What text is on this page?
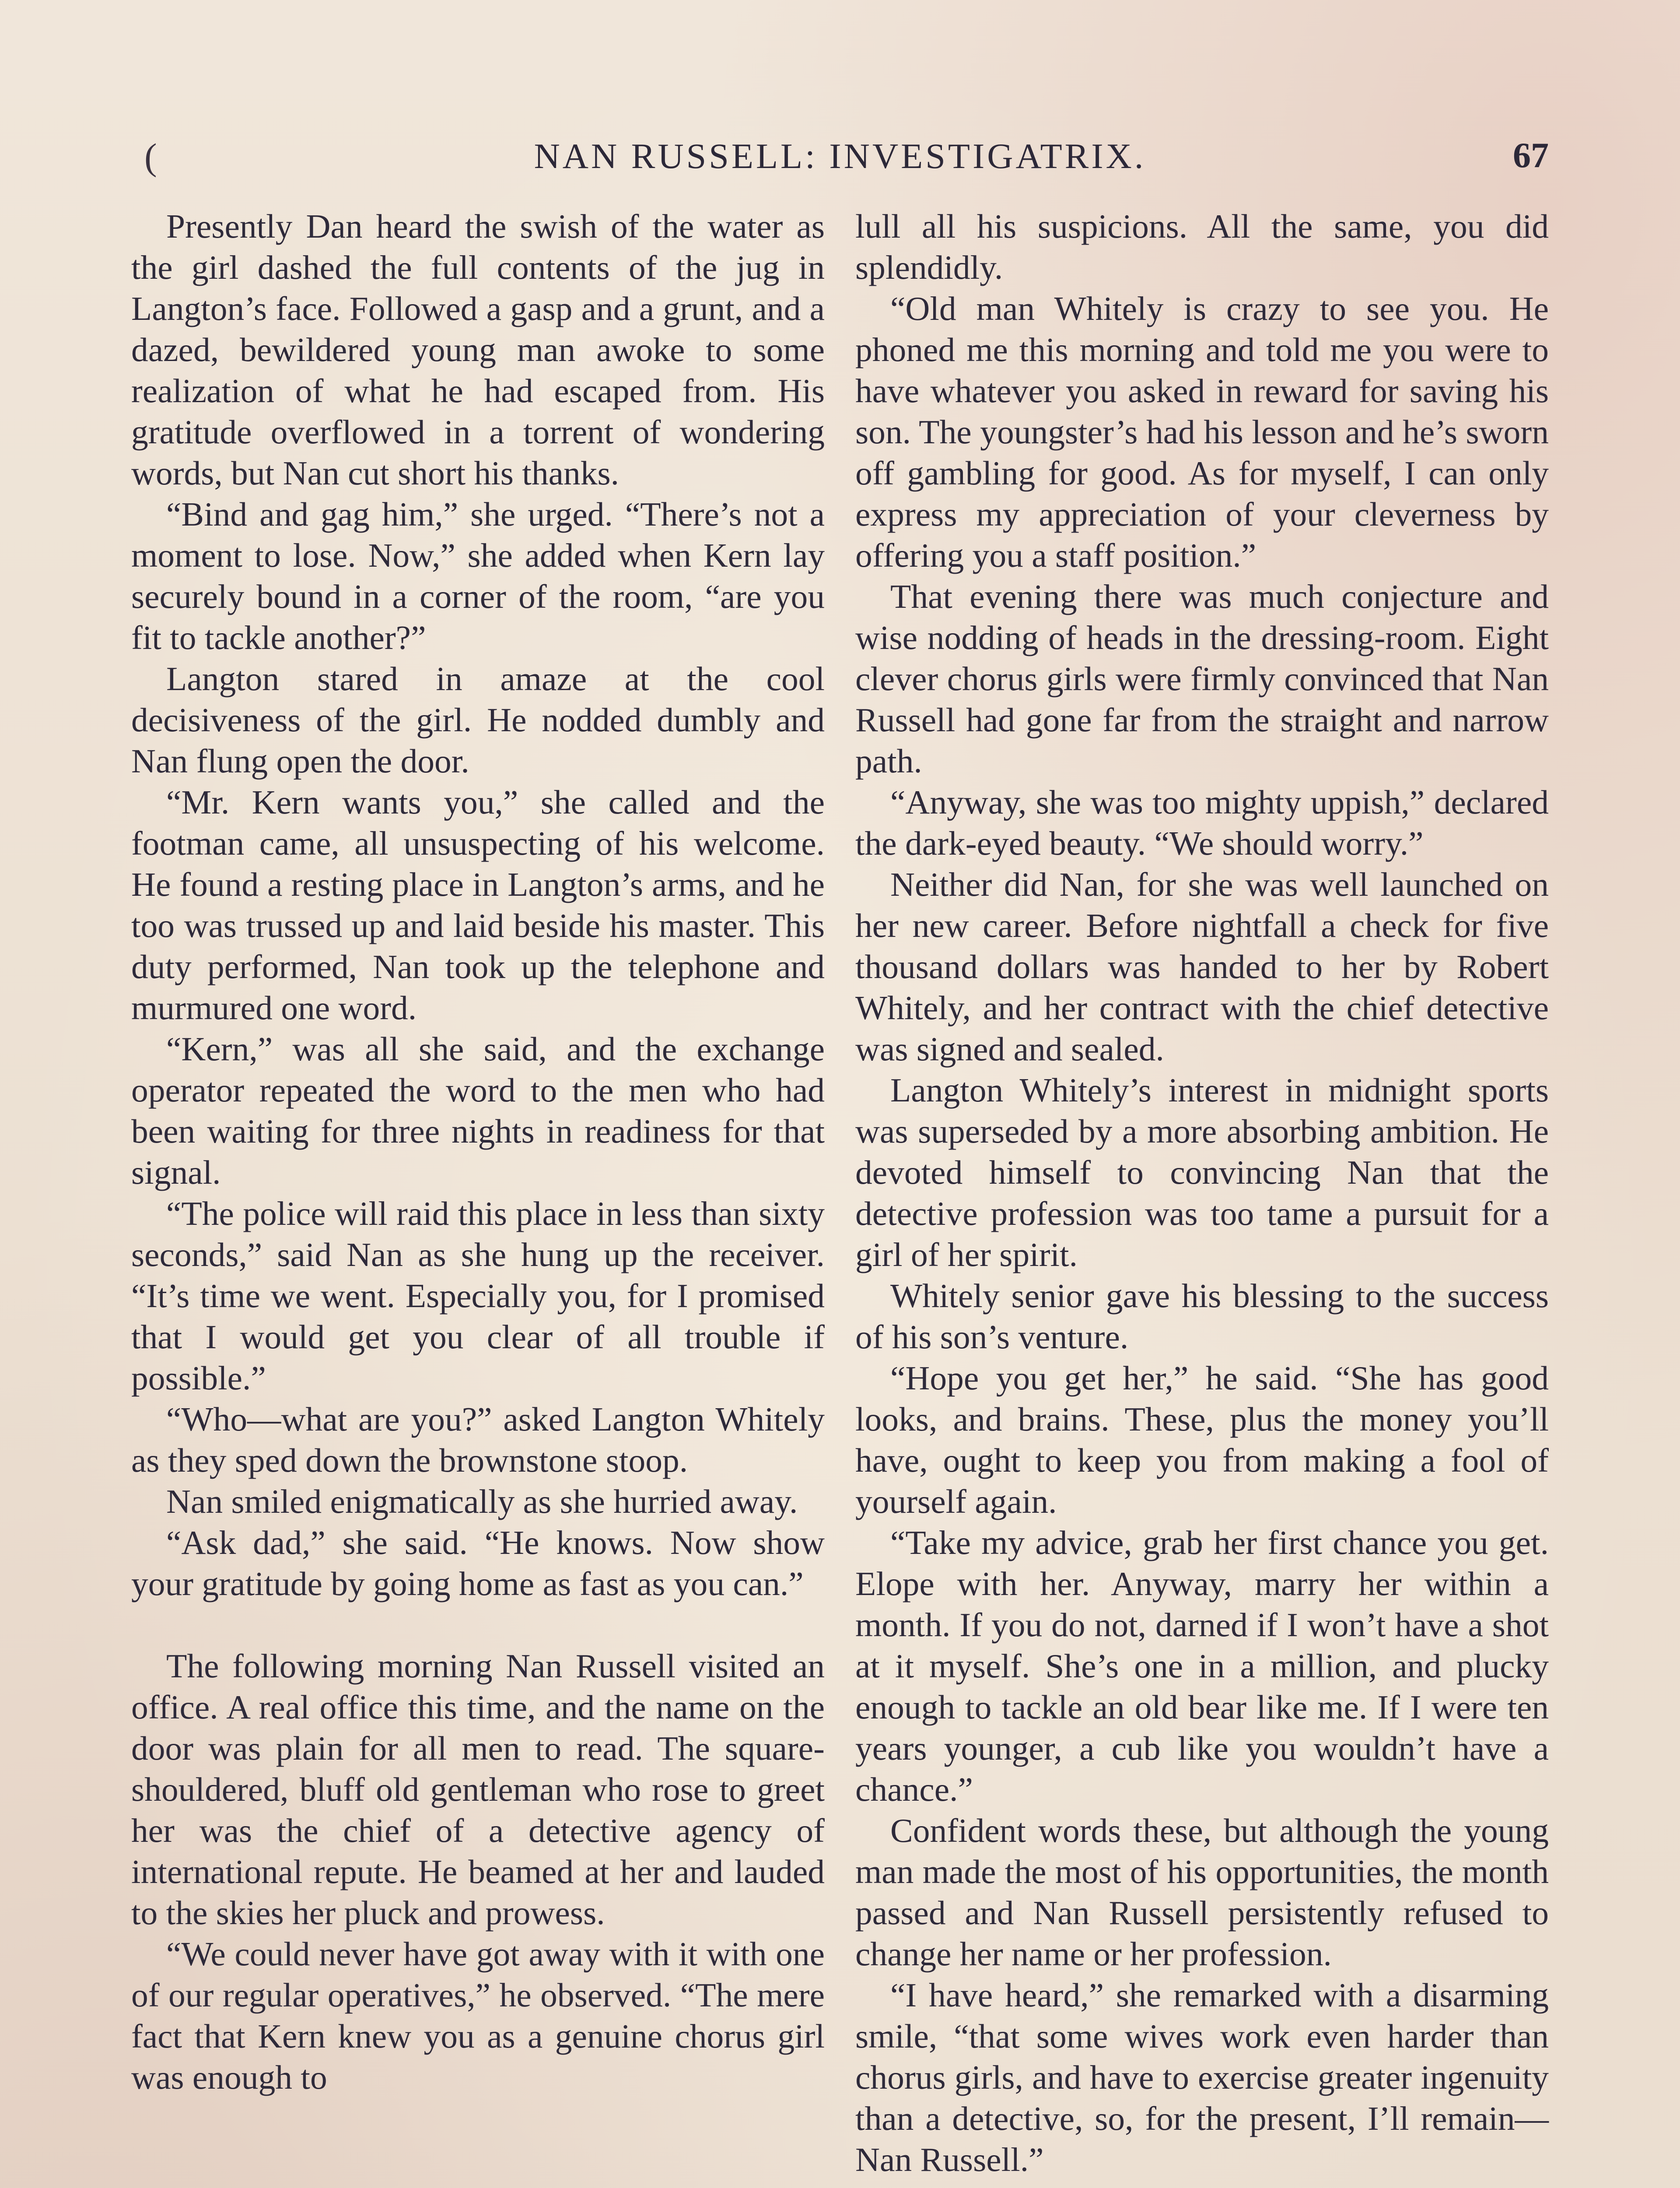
(	NAN RUSSELL: INVESTIGATRIX.	67

Presently Dan heard the swish of the water as the girl dashed the full contents of the jug in Langton’s face. Followed a gasp and a grunt, and a dazed, bewildered young man awoke to some realization of what he had escaped from. His gratitude overflowed in a torrent of wondering words, but Nan cut short his thanks.

“Bind and gag him,” she urged. “There’s not a moment to lose. Now,” she added when Kern lay securely bound in a corner of the room, “are you fit to tackle another?”

Langton stared in amaze at the cool decisiveness of the girl. He nodded dumbly and Nan flung open the door.

“Mr. Kern wants you,” she called and the footman came, all unsuspecting of his welcome. He found a resting place in Langton’s arms, and he too was trussed up and laid beside his master. This duty performed, Nan took up the telephone and murmured one word.

“Kern,” was all she said, and the exchange operator repeated the word to the men who had been waiting for three nights in readiness for that signal.

“The police will raid this place in less than sixty seconds,” said Nan as she hung up the receiver. “It’s time we went. Especially you, for I promised that I would get you clear of all trouble if possible.”

“Who—what are you?” asked Langton Whitely as they sped down the brownstone stoop.

Nan smiled enigmatically as she hurried away.

“Ask dad,” she said. “He knows. Now show your gratitude by going home as fast as you can.”

The following morning Nan Russell visited an office. A real office this time, and the name on the door was plain for all men to read. The square-shouldered, bluff old gentleman who rose to greet her was the chief of a detective agency of international repute. He beamed at her and lauded to the skies her pluck and prowess.

“We could never have got away with it with one of our regular operatives,” he observed. “The mere fact that Kern knew you as a genuine chorus girl was enough to

lull all his suspicions. All the same, you did splendidly.

“Old man Whitely is crazy to see you. He phoned me this morning and told me you were to have whatever you asked in reward for saving his son. The youngster’s had his lesson and he’s sworn off gambling for good. As for myself, I can only express my appreciation of your cleverness by offering you a staff position.”

That evening there was much conjecture and wise nodding of heads in the dressing-room. Eight clever chorus girls were firmly convinced that Nan Russell had gone far from the straight and narrow path.

“Anyway, she was too mighty uppish,” declared the dark-eyed beauty. “We should worry.”

Neither did Nan, for she was well launched on her new career. Before nightfall a check for five thousand dollars was handed to her by Robert Whitely, and her contract with the chief detective was signed and sealed.

Langton Whitely’s interest in midnight sports was superseded by a more absorbing ambition. He devoted himself to convincing Nan that the detective profession was too tame a pursuit for a girl of her spirit.

Whitely senior gave his blessing to the success of his son’s venture.

“Hope you get her,” he said. “She has good looks, and brains. These, plus the money you’ll have, ought to keep you from making a fool of yourself again.

“Take my advice, grab her first chance you get. Elope with her. Anyway, marry her within a month. If you do not, darned if I won’t have a shot at it myself. She’s one in a million, and plucky enough to tackle an old bear like me. If I were ten years younger, a cub like you wouldn’t have a chance.”

Confident words these, but although the young man made the most of his opportunities, the month passed and Nan Russell persistently refused to change her name or her profession.

“I have heard,” she remarked with a disarming smile, “that some wives work even harder than chorus girls, and have to exercise greater ingenuity than a detective, so, for the present, I’ll remain—Nan Russell.”
